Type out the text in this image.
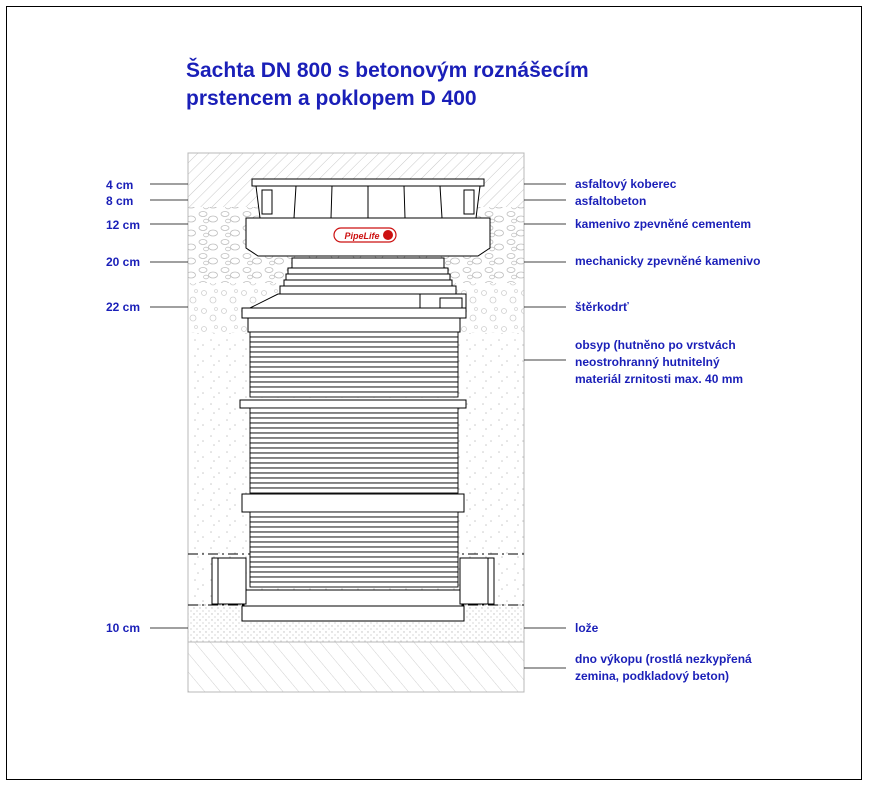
Šachta DN 800 s betonovým roznášecím
prstencem a poklopem D 400
PipeLife
4 cm
8 cm
12 cm
20 cm
22 cm
10 cm
asfaltový koberec
asfaltobeton
kamenivo zpevněné cementem
mechanicky zpevněné kamenivo
štěrkodrť
obsyp (hutněno po vrstvách
neostrohranný hutnitelný
materiál zrnitosti max. 40 mm
lože
dno výkopu (rostlá nezkypřená
zemina, podkladový beton)
